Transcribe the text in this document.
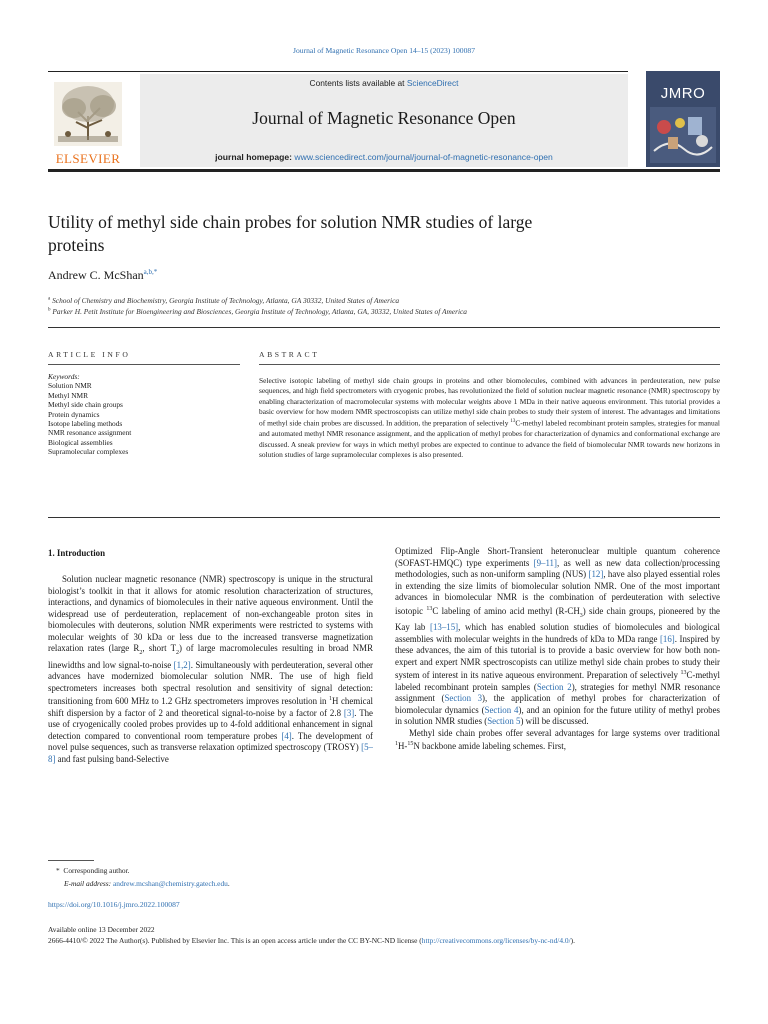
Journal of Magnetic Resonance Open 14–15 (2023) 100087
ELSEVIER
Contents lists available at ScienceDirect
Journal of Magnetic Resonance Open
journal homepage: www.sciencedirect.com/journal/journal-of-magnetic-resonance-open
JMRO
Utility of methyl side chain probes for solution NMR studies of large proteins
Andrew C. McShan$^{a,b,*}$
$^a$ School of Chemistry and Biochemistry, Georgia Institute of Technology, Atlanta, GA 30332, United States of America
$^b$ Parker H. Petit Institute for Bioengineering and Biosciences, Georgia Institute of Technology, Atlanta, GA, 30332, United States of America
ARTICLE INFO
Keywords:
Solution NMR
Methyl NMR
Methyl side chain groups
Protein dynamics
Isotope labeling methods
NMR resonance assignment
Biological assemblies
Supramolecular complexes
ABSTRACT
Selective isotopic labeling of methyl side chain groups in proteins and other biomolecules, combined with advances in perdeuteration, new pulse sequences, and high field spectrometers with cryogenic probes, has revolutionized the field of solution nuclear magnetic resonance (NMR) spectroscopy by enabling characterization of macromolecular systems with molecular weights above 1 MDa in their native aqueous environment. This tutorial provides a basic overview for how modern NMR spectroscopists can utilize methyl side chain probes to study their system of interest. The advantages and limitations of methyl side chain probes are discussed. In addition, the preparation of selectively $^{13}$C-methyl labeled recombinant protein samples, strategies for manual and automated methyl NMR resonance assignment, and the application of methyl probes for characterization of dynamics and conformational exchange are discussed. A sneak preview for ways in which methyl probes are expected to continue to advance the field of biomolecular NMR towards new horizons in solution studies of large supramolecular complexes is also presented.
1. Introduction

Solution nuclear magnetic resonance (NMR) spectroscopy is unique in the structural biologist’s toolkit in that it allows for atomic resolution characterization of structures, interactions, and dynamics of biomolecules in their native aqueous environment. Until the widespread use of perdeuteration, replacement of non-exchangeable proton sites in biomolecules with deuterons, solution NMR experiments were restricted to systems with molecular weights of 30 kDa or less due to the increased transverse magnetization relaxation rates (large $R_2$, short $T_2$) of large macromolecules resulting in broad NMR linewidths and low signal-to-noise [1,2]. Simultaneously with perdeuteration, several other advances have modernized biomolecular solution NMR. The use of high field spectrometers increases both spectral resolution and sensitivity of signal detection: transitioning from 600 MHz to 1.2 GHz spectrometers improves resolution in $^1$H chemical shift dispersion by a factor of 2 and theoretical signal-to-noise by a factor of 2.8 [3]. The use of cryogenically cooled probes provides up to 4-fold additional enhancement in signal detection compared to conventional room temperature probes [4]. The development of novel pulse sequences, such as transverse relaxation optimized spectroscopy (TROSY) [5–8] and fast pulsing band-Selective

Optimized Flip-Angle Short-Transient heteronuclear multiple quantum coherence (SOFAST-HMQC) type experiments [9–11], as well as new data collection/processing methodologies, such as non-uniform sampling (NUS) [12], have also played essential roles in extending the size limits of biomolecular solution NMR. One of the most important advances in biomolecular NMR is the combination of perdeuteration with selective isotopic $^{13}$C labeling of amino acid methyl $(R-CH_3)$ side chain groups, pioneered by the Kay lab [13–15], which has enabled solution studies of biomolecules and biological assemblies with molecular weights in the hundreds of kDa to MDa range [16]. Inspired by these advances, the aim of this tutorial is to provide a basic overview for how both non-expert and expert NMR spectroscopists can utilize methyl side chain probes to study their system of interest in its native aqueous environment. Preparation of selectively $^{13}$C-methyl labeled recombinant protein samples (Section 2), strategies for methyl NMR resonance assignment (Section 3), the application of methyl probes for characterization of biomolecular dynamics (Section 4), and an opinion for the future utility of methyl probes in solution NMR studies (Section 5) will be discussed.

Methyl side chain probes offer several advantages for large systems over traditional $^1$H-$^{15}$N backbone amide labeling schemes. First,

* Corresponding author.
E-mail address: andrew.mcshan@chemistry.gatech.edu.
https://doi.org/10.1016/j.jmro.2022.100087
Available online 13 December 2022
2666-4410/© 2022 The Author(s). Published by Elsevier Inc. This is an open access article under the CC BY-NC-ND license (http://creativecommons.org/licenses/by-nc-nd/4.0/).
